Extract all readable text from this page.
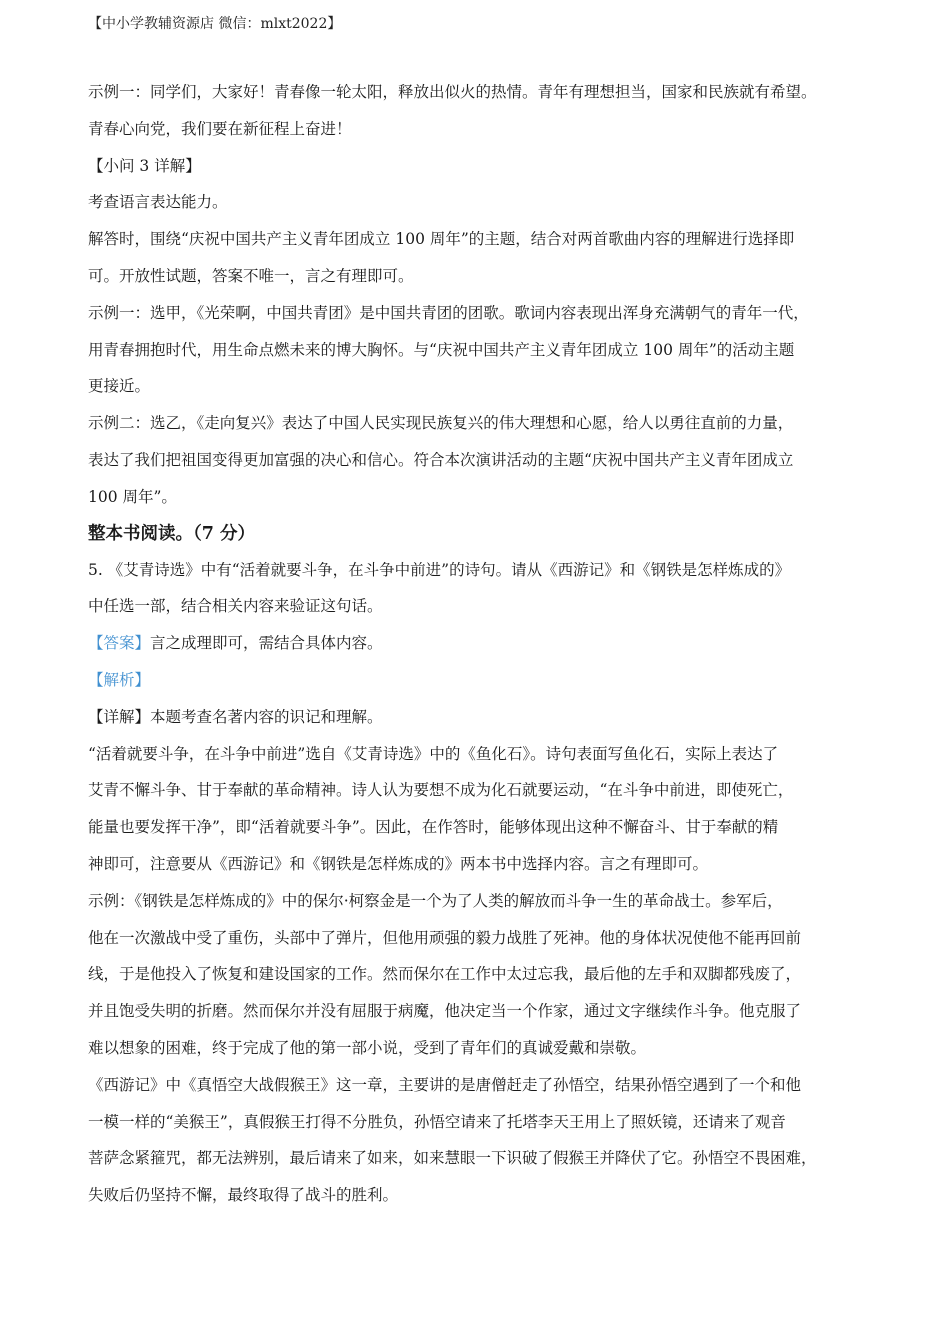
【中小学教辅资源店 微信：mlxt2022】

示例一：同学们，大家好！青春像一轮太阳，释放出似火的热情。青年有理想担当，国家和民族就有希望。

青春心向党，我们要在新征程上奋进！

【小问 3 详解】

考查语言表达能力。

解答时，围绕“庆祝中国共产主义青年团成立 100 周年”的主题，结合对两首歌曲内容的理解进行选择即

可。开放性试题，答案不唯一，言之有理即可。

示例一：选甲，《光荣啊，中国共青团》是中国共青团的团歌。歌词内容表现出浑身充满朝气的青年一代，

用青春拥抱时代，用生命点燃未来的博大胸怀。与“庆祝中国共产主义青年团成立 100 周年”的活动主题

更接近。

示例二：选乙，《走向复兴》表达了中国人民实现民族复兴的伟大理想和心愿，给人以勇往直前的力量，

表达了我们把祖国变得更加富强的决心和信心。符合本次演讲活动的主题“庆祝中国共产主义青年团成立

100 周年”。

整本书阅读。（7 分）

5. 《艾青诗选》中有“活着就要斗争，在斗争中前进”的诗句。请从《西游记》和《钢铁是怎样炼成的》

中任选一部，结合相关内容来验证这句话。

【答案】言之成理即可，需结合具体内容。

【解析】

【详解】本题考查名著内容的识记和理解。

“活着就要斗争，在斗争中前进”选自《艾青诗选》中的《鱼化石》。诗句表面写鱼化石，实际上表达了

艾青不懈斗争、甘于奉献的革命精神。诗人认为要想不成为化石就要运动，“在斗争中前进，即使死亡，

能量也要发挥干净”，即“活着就要斗争”。因此，在作答时，能够体现出这种不懈奋斗、甘于奉献的精

神即可，注意要从《西游记》和《钢铁是怎样炼成的》两本书中选择内容。言之有理即可。

示例：《钢铁是怎样炼成的》中的保尔·柯察金是一个为了人类的解放而斗争一生的革命战士。参军后，

他在一次激战中受了重伤，头部中了弹片，但他用顽强的毅力战胜了死神。他的身体状况使他不能再回前

线，于是他投入了恢复和建设国家的工作。然而保尔在工作中太过忘我，最后他的左手和双脚都残废了，

并且饱受失明的折磨。然而保尔并没有屈服于病魔，他决定当一个作家，通过文字继续作斗争。他克服了

难以想象的困难，终于完成了他的第一部小说，受到了青年们的真诚爱戴和崇敬。

《西游记》中《真悟空大战假猴王》这一章，主要讲的是唐僧赶走了孙悟空，结果孙悟空遇到了一个和他

一模一样的“美猴王”，真假猴王打得不分胜负，孙悟空请来了托塔李天王用上了照妖镜，还请来了观音

菩萨念紧箍咒，都无法辨别，最后请来了如来，如来慧眼一下识破了假猴王并降伏了它。孙悟空不畏困难，

失败后仍坚持不懈，最终取得了战斗的胜利。
